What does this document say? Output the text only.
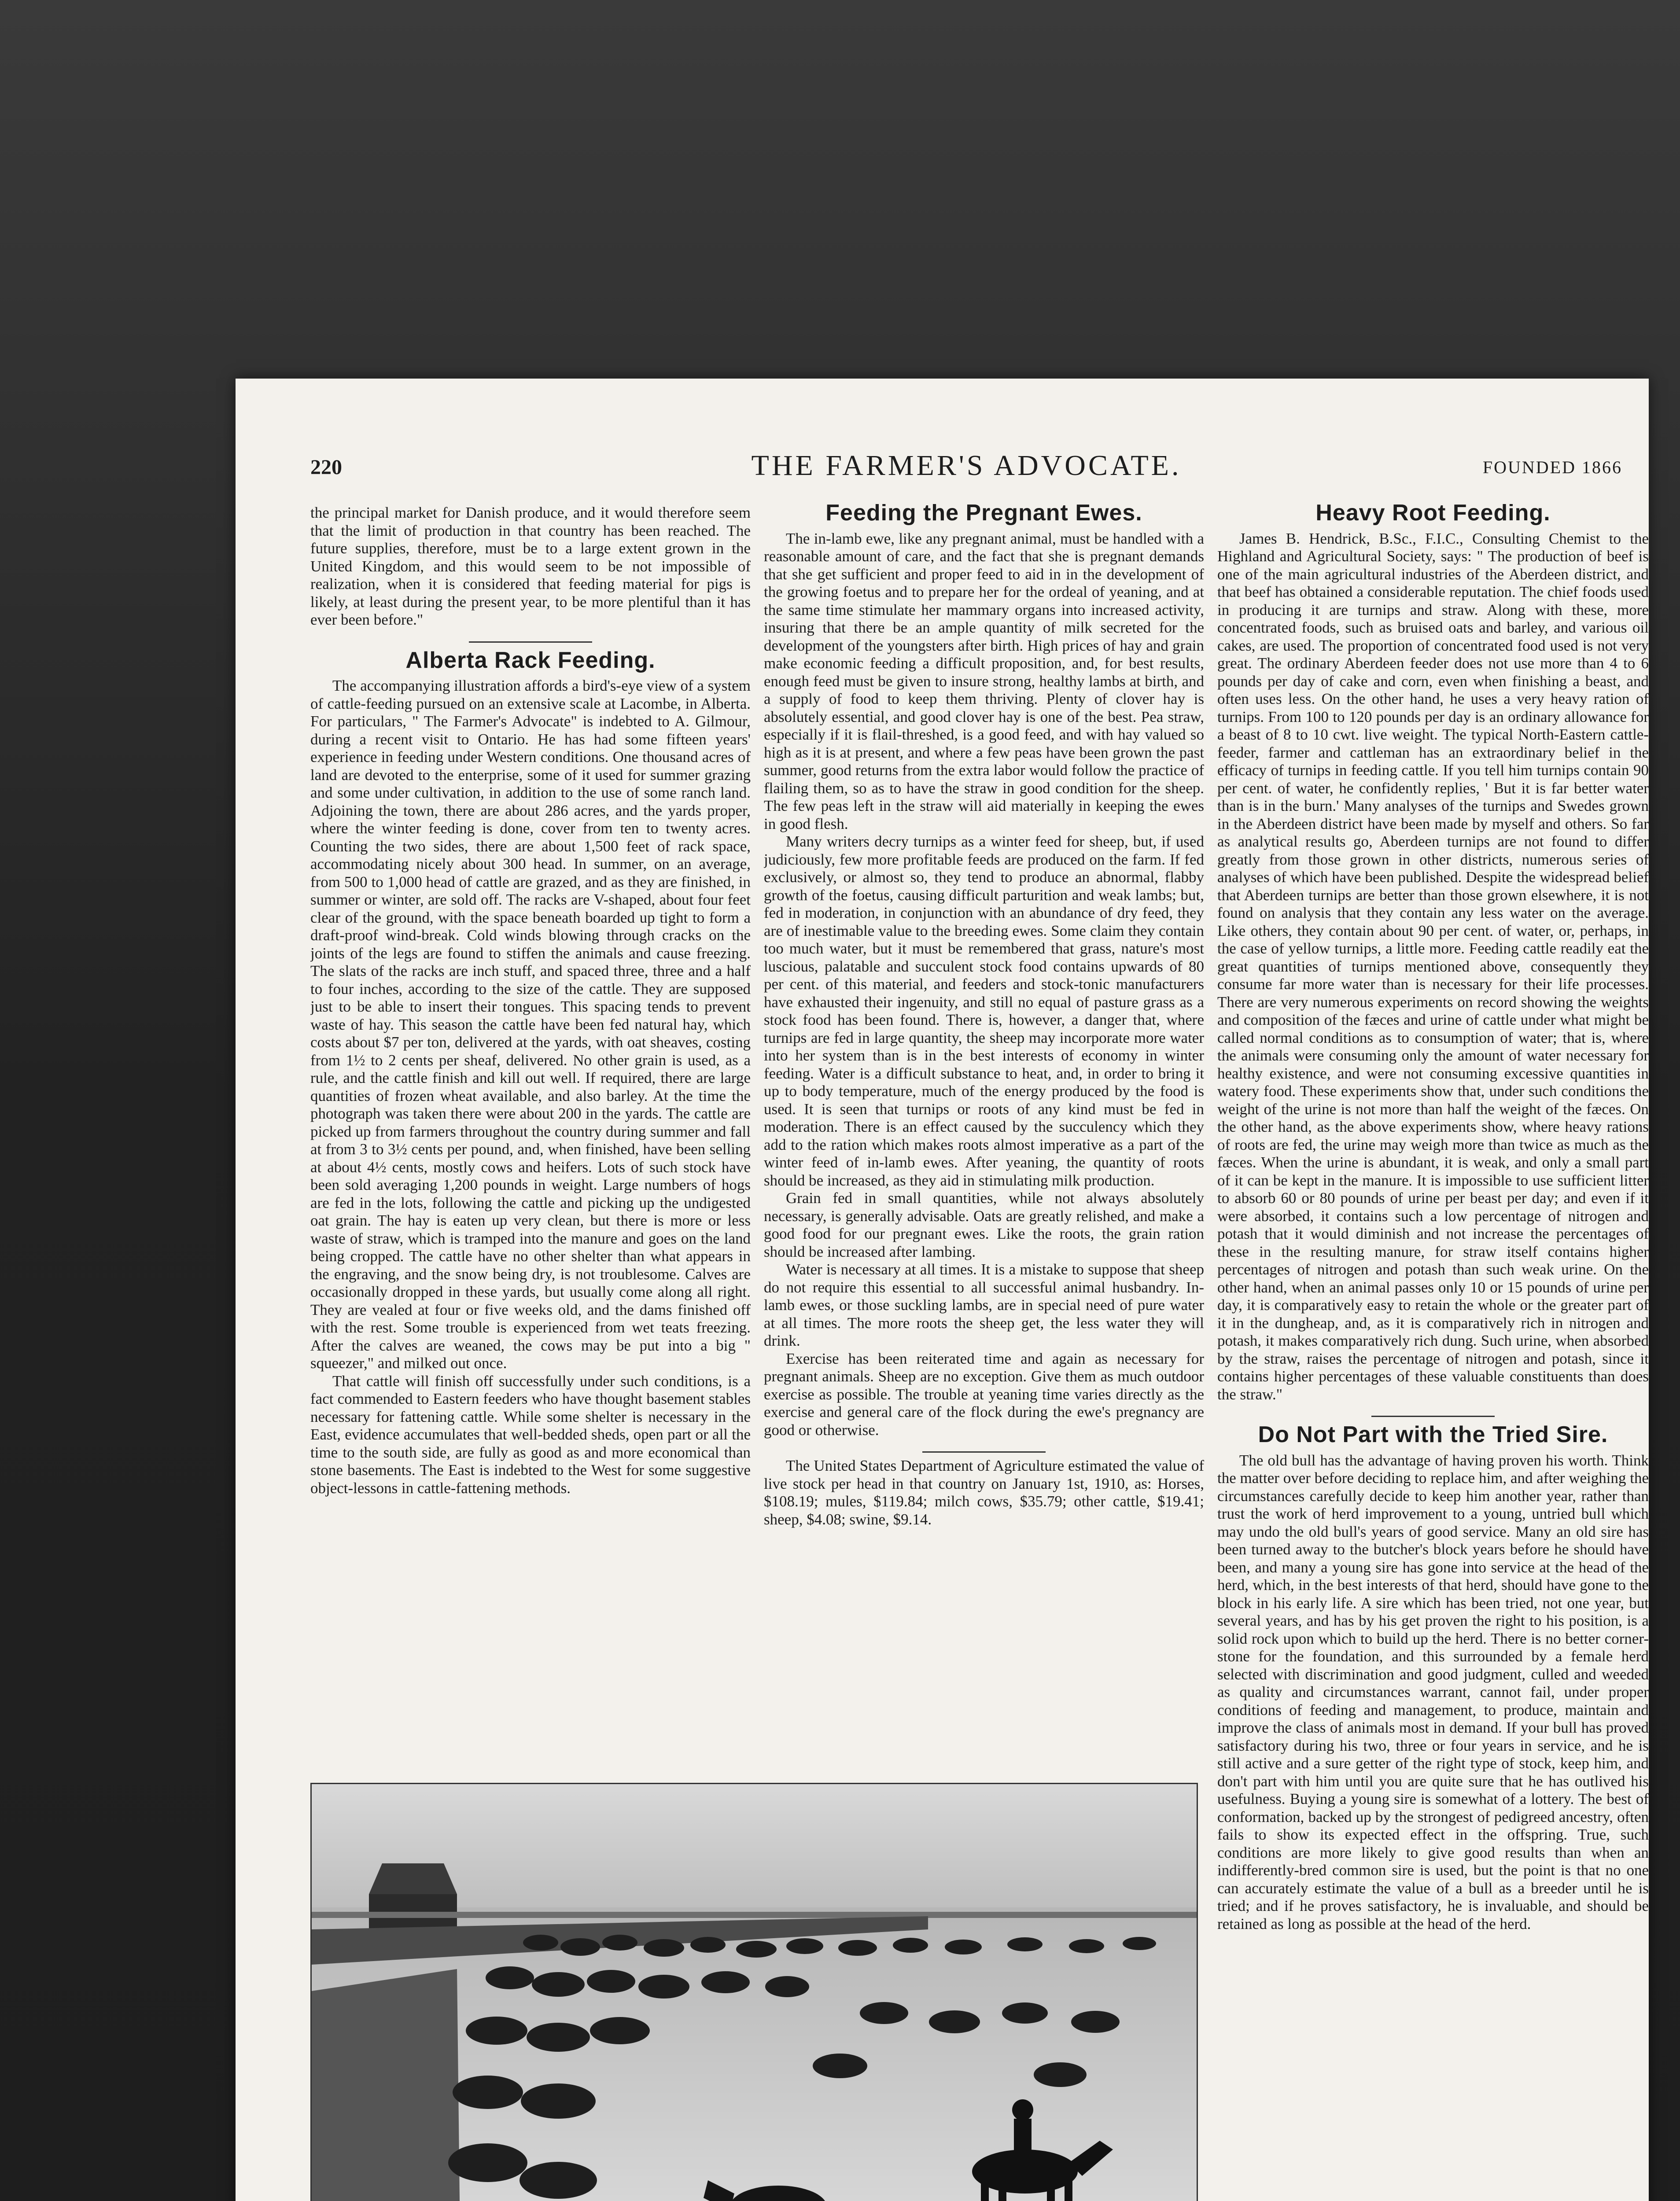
220	THE FARMER'S ADVOCATE.	FOUNDED 1866

the principal market for Danish produce, and it would therefore seem that the limit of production in that country has been reached. The future supplies, therefore, must be to a large extent grown in the United Kingdom, and this would seem to be not impossible of realization, when it is considered that feeding material for pigs is likely, at least during the present year, to be more plentiful than it has ever been before."

Alberta Rack Feeding.

The accompanying illustration affords a bird's-eye view of a system of cattle-feeding pursued on an extensive scale at Lacombe, in Alberta. For particulars, " The Farmer's Advocate" is indebted to A. Gilmour, during a recent visit to Ontario. He has had some fifteen years' experience in feeding under Western conditions. One thousand acres of land are devoted to the enterprise, some of it used for summer grazing and some under cultivation, in addition to the use of some ranch land. Adjoining the town, there are about 286 acres, and the yards proper, where the winter feeding is done, cover from ten to twenty acres. Counting the two sides, there are about 1,500 feet of rack space, accommodating nicely about 300 head. In summer, on an average, from 500 to 1,000 head of cattle are grazed, and as they are finished, in summer or winter, are sold off. The racks are V-shaped, about four feet clear of the ground, with the space beneath boarded up tight to form a draft-proof wind-break. Cold winds blowing through cracks on the joints of the legs are found to stiffen the animals and cause freezing. The slats of the racks are inch stuff, and spaced three, three and a half to four inches, according to the size of the cattle. They are supposed just to be able to insert their tongues. This spacing tends to prevent waste of hay. This season the cattle have been fed natural hay, which costs about $7 per ton, delivered at the yards, with oat sheaves, costing from 1½ to 2 cents per sheaf, delivered. No other grain is used, as a rule, and the cattle finish and kill out well. If required, there are large quantities of frozen wheat available, and also barley. At the time the photograph was taken there were about 200 in the yards. The cattle are picked up from farmers throughout the country during summer and fall at from 3 to 3½ cents per pound, and, when finished, have been selling at about 4½ cents, mostly cows and heifers. Lots of such stock have been sold averaging 1,200 pounds in weight. Large numbers of hogs are fed in the lots, following the cattle and picking up the undigested oat grain. The hay is eaten up very clean, but there is more or less waste of straw, which is tramped into the manure and goes on the land being cropped. The cattle have no other shelter than what appears in the engraving, and the snow being dry, is not troublesome. Calves are occasionally dropped in these yards, but usually come along all right. They are vealed at four or five weeks old, and the dams finished off with the rest. Some trouble is experienced from wet teats freezing. After the calves are weaned, the cows may be put into a big " squeezer," and milked out once.

That cattle will finish off successfully under such conditions, is a fact commended to Eastern feeders who have thought basement stables necessary for fattening cattle. While some shelter is necessary in the East, evidence accumulates that well-bedded sheds, open part or all the time to the south side, are fully as good as and more economical than stone basements. The East is indebted to the West for some suggestive object-lessons in cattle-fattening methods.

Feeding the Pregnant Ewes.

The in-lamb ewe, like any pregnant animal, must be handled with a reasonable amount of care, and the fact that she is pregnant demands that she get sufficient and proper feed to aid in in the development of the growing foetus and to prepare her for the ordeal of yeaning, and at the same time stimulate her mammary organs into increased activity, insuring that there be an ample quantity of milk secreted for the development of the youngsters after birth. High prices of hay and grain make economic feeding a difficult proposition, and, for best results, enough feed must be given to insure strong, healthy lambs at birth, and a supply of food to keep them thriving. Plenty of clover hay is absolutely essential, and good clover hay is one of the best. Pea straw, especially if it is flail-threshed, is a good feed, and with hay valued so high as it is at present, and where a few peas have been grown the past summer, good returns from the extra labor would follow the practice of flailing them, so as to have the straw in good condition for the sheep. The few peas left in the straw will aid materially in keeping the ewes in good flesh.

Many writers decry turnips as a winter feed for sheep, but, if used judiciously, few more profitable feeds are produced on the farm. If fed exclusively, or almost so, they tend to produce an abnormal, flabby growth of the foetus, causing difficult parturition and weak lambs; but, fed in moderation, in conjunction with an abundance of dry feed, they are of inestimable value to the breeding ewes. Some claim they contain too much water, but it must be remembered that grass, nature's most luscious, palatable and succulent stock food contains upwards of 80 per cent. of this material, and feeders and stock-tonic manufacturers have exhausted their ingenuity, and still no equal of pasture grass as a stock food has been found. There is, however, a danger that, where turnips are fed in large quantity, the sheep may incorporate more water into her system than is in the best interests of economy in winter feeding. Water is a difficult substance to heat, and, in order to bring it up to body temperature, much of the energy produced by the food is used. It is seen that turnips or roots of any kind must be fed in moderation. There is an effect caused by the succulency which they add to the ration which makes roots almost imperative as a part of the winter feed of in-lamb ewes. After yeaning, the quantity of roots should be increased, as they aid in stimulating milk production.

Grain fed in small quantities, while not always absolutely necessary, is generally advisable. Oats are greatly relished, and make a good food for our pregnant ewes. Like the roots, the grain ration should be increased after lambing.

Water is necessary at all times. It is a mistake to suppose that sheep do not require this essential to all successful animal husbandry. In-lamb ewes, or those suckling lambs, are in special need of pure water at all times. The more roots the sheep get, the less water they will drink.

Exercise has been reiterated time and again as necessary for pregnant animals. Sheep are no exception. Give them as much outdoor exercise as possible. The trouble at yeaning time varies directly as the exercise and general care of the flock during the ewe's pregnancy are good or otherwise.

The United States Department of Agriculture estimated the value of live stock per head in that country on January 1st, 1910, as: Horses, $108.19; mules, $119.84; milch cows, $35.79; other cattle, $19.41; sheep, $4.08; swine, $9.14.

Heavy Root Feeding.

James B. Hendrick, B.Sc., F.I.C., Consulting Chemist to the Highland and Agricultural Society, says: " The production of beef is one of the main agricultural industries of the Aberdeen district, and that beef has obtained a considerable reputation. The chief foods used in producing it are turnips and straw. Along with these, more concentrated foods, such as bruised oats and barley, and various oil cakes, are used. The proportion of concentrated food used is not very great. The ordinary Aberdeen feeder does not use more than 4 to 6 pounds per day of cake and corn, even when finishing a beast, and often uses less. On the other hand, he uses a very heavy ration of turnips. From 100 to 120 pounds per day is an ordinary allowance for a beast of 8 to 10 cwt. live weight. The typical North-Eastern cattle-feeder, farmer and cattleman has an extraordinary belief in the efficacy of turnips in feeding cattle. If you tell him turnips contain 90 per cent. of water, he confidently replies, ' But it is far better water than is in the burn.' Many analyses of the turnips and Swedes grown in the Aberdeen district have been made by myself and others. So far as analytical results go, Aberdeen turnips are not found to differ greatly from those grown in other districts, numerous series of analyses of which have been published. Despite the widespread belief that Aberdeen turnips are better than those grown elsewhere, it is not found on analysis that they contain any less water on the average. Like others, they contain about 90 per cent. of water, or, perhaps, in the case of yellow turnips, a little more. Feeding cattle readily eat the great quantities of turnips mentioned above, consequently they consume far more water than is necessary for their life processes. There are very numerous experiments on record showing the weights and composition of the fæces and urine of cattle under what might be called normal conditions as to consumption of water; that is, where the animals were consuming only the amount of water necessary for healthy existence, and were not consuming excessive quantities in watery food. These experiments show that, under such conditions the weight of the urine is not more than half the weight of the fæces. On the other hand, as the above experiments show, where heavy rations of roots are fed, the urine may weigh more than twice as much as the fæces. When the urine is abundant, it is weak, and only a small part of it can be kept in the manure. It is impossible to use sufficient litter to absorb 60 or 80 pounds of urine per beast per day; and even if it were absorbed, it contains such a low percentage of nitrogen and potash that it would diminish and not increase the percentages of these in the resulting manure, for straw itself contains higher percentages of nitrogen and potash than such weak urine. On the other hand, when an animal passes only 10 or 15 pounds of urine per day, it is comparatively easy to retain the whole or the greater part of it in the dungheap, and, as it is comparatively rich in nitrogen and potash, it makes comparatively rich dung. Such urine, when absorbed by the straw, raises the percentage of nitrogen and potash, since it contains higher percentages of these valuable constituents than does the straw."

Do Not Part with the Tried Sire.

The old bull has the advantage of having proven his worth. Think the matter over before deciding to replace him, and after weighing the circumstances carefully decide to keep him another year, rather than trust the work of herd improvement to a young, untried bull which may undo the old bull's years of good service. Many an old sire has been turned away to the butcher's block years before he should have been, and many a young sire has gone into service at the head of the herd, which, in the best interests of that herd, should have gone to the block in his early life. A sire which has been tried, not one year, but several years, and has by his get proven the right to his position, is a solid rock upon which to build up the herd. There is no better corner-stone for the foundation, and this surrounded by a female herd selected with discrimination and good judgment, culled and weeded as quality and circumstances warrant, cannot fail, under proper conditions of feeding and management, to produce, maintain and improve the class of animals most in demand. If your bull has proved satisfactory during his two, three or four years in service, and he is still active and a sure getter of the right type of stock, keep him, and don't part with him until you are quite sure that he has outlived his usefulness. Buying a young sire is somewhat of a lottery. The best of conformation, backed up by the strongest of pedigreed ancestry, often fails to show its expected effect in the offspring. True, such conditions are more likely to give good results than when an indifferently-bred common sire is used, but the point is that no one can accurately estimate the value of a bull as a breeder until he is tried; and if he proves satisfactory, he is invaluable, and should be retained as long as possible at the head of the herd.
